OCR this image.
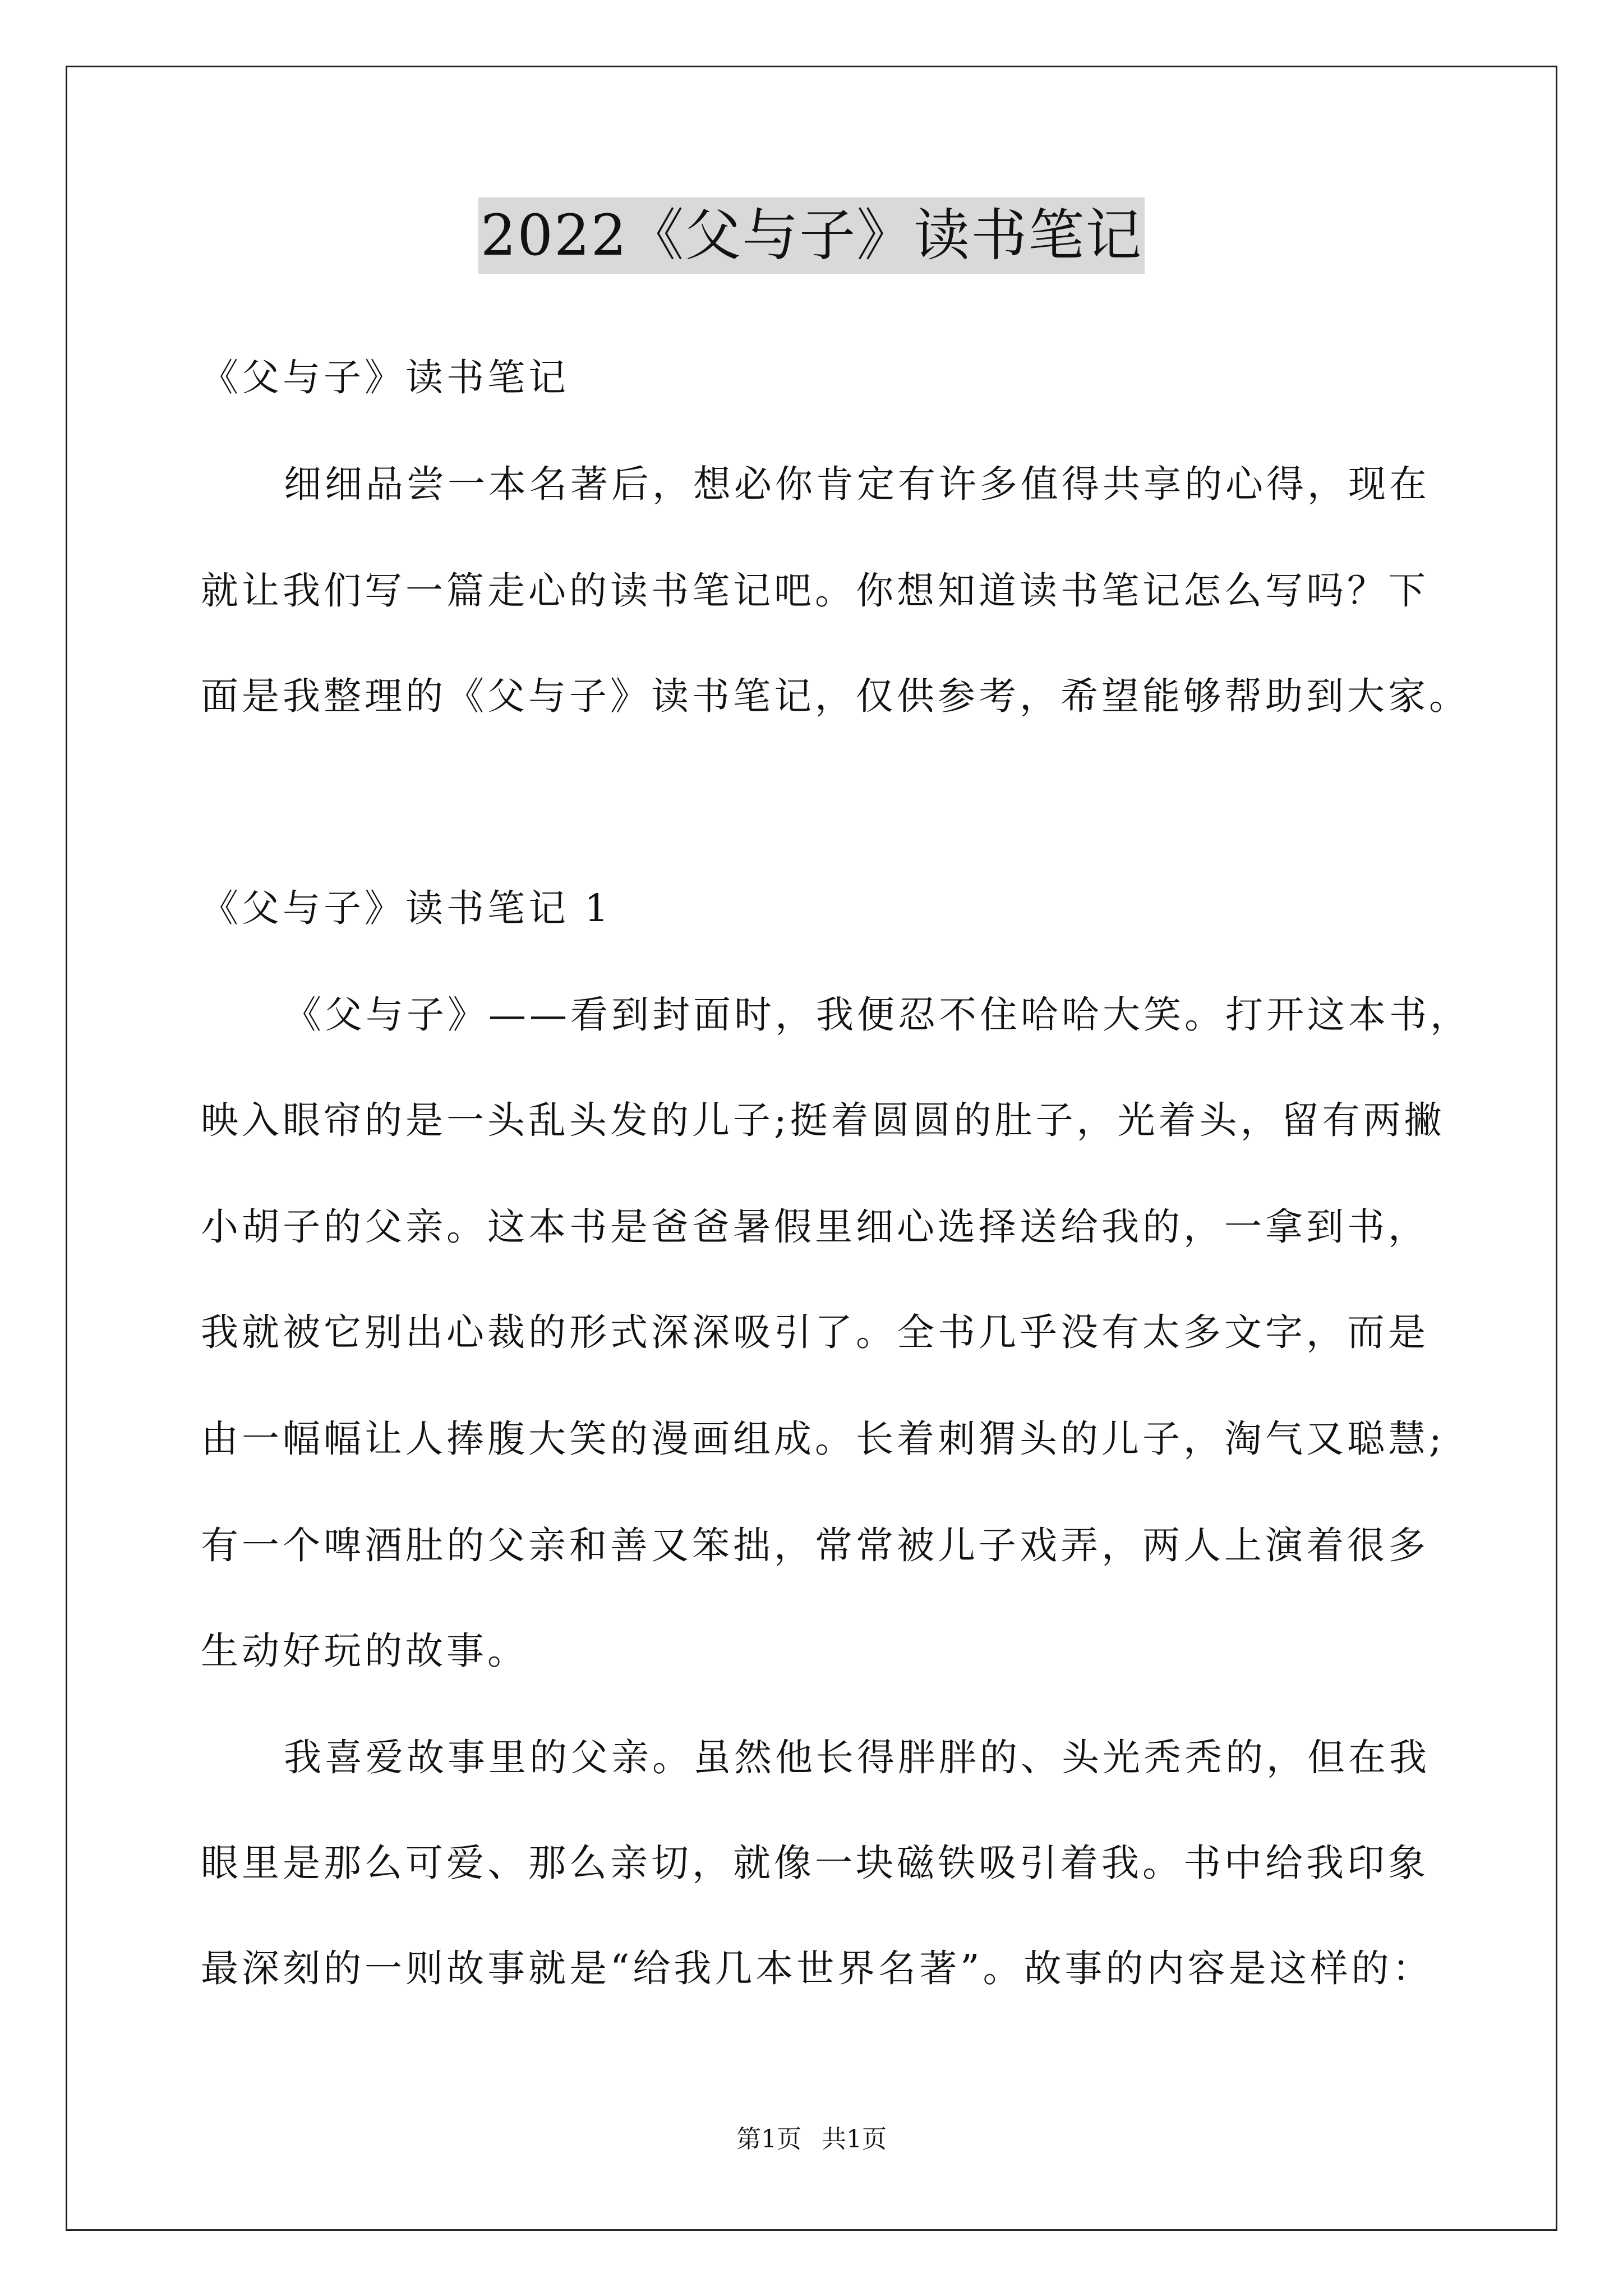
2022《父与子》读书笔记
《父与子》读书笔记
细细品尝一本名著后，想必你肯定有许多值得共享的心得，现在
就让我们写一篇走心的读书笔记吧。你想知道读书笔记怎么写吗？下
面是我整理的《父与子》读书笔记，仅供参考，希望能够帮助到大家。
《父与子》读书笔记 1
《父与子》——看到封面时，我便忍不住哈哈大笑。打开这本书，
映入眼帘的是一头乱头发的儿子;挺着圆圆的肚子，光着头，留有两撇
小胡子的父亲。这本书是爸爸暑假里细心选择送给我的，一拿到书，
我就被它别出心裁的形式深深吸引了。全书几乎没有太多文字，而是
由一幅幅让人捧腹大笑的漫画组成。长着刺猬头的儿子，淘气又聪慧;
有一个啤酒肚的父亲和善又笨拙，常常被儿子戏弄，两人上演着很多
生动好玩的故事。
我喜爱故事里的父亲。虽然他长得胖胖的、头光秃秃的，但在我
眼里是那么可爱、那么亲切，就像一块磁铁吸引着我。书中给我印象
最深刻的一则故事就是“给我几本世界名著”。故事的内容是这样的：
第1页 共1页
